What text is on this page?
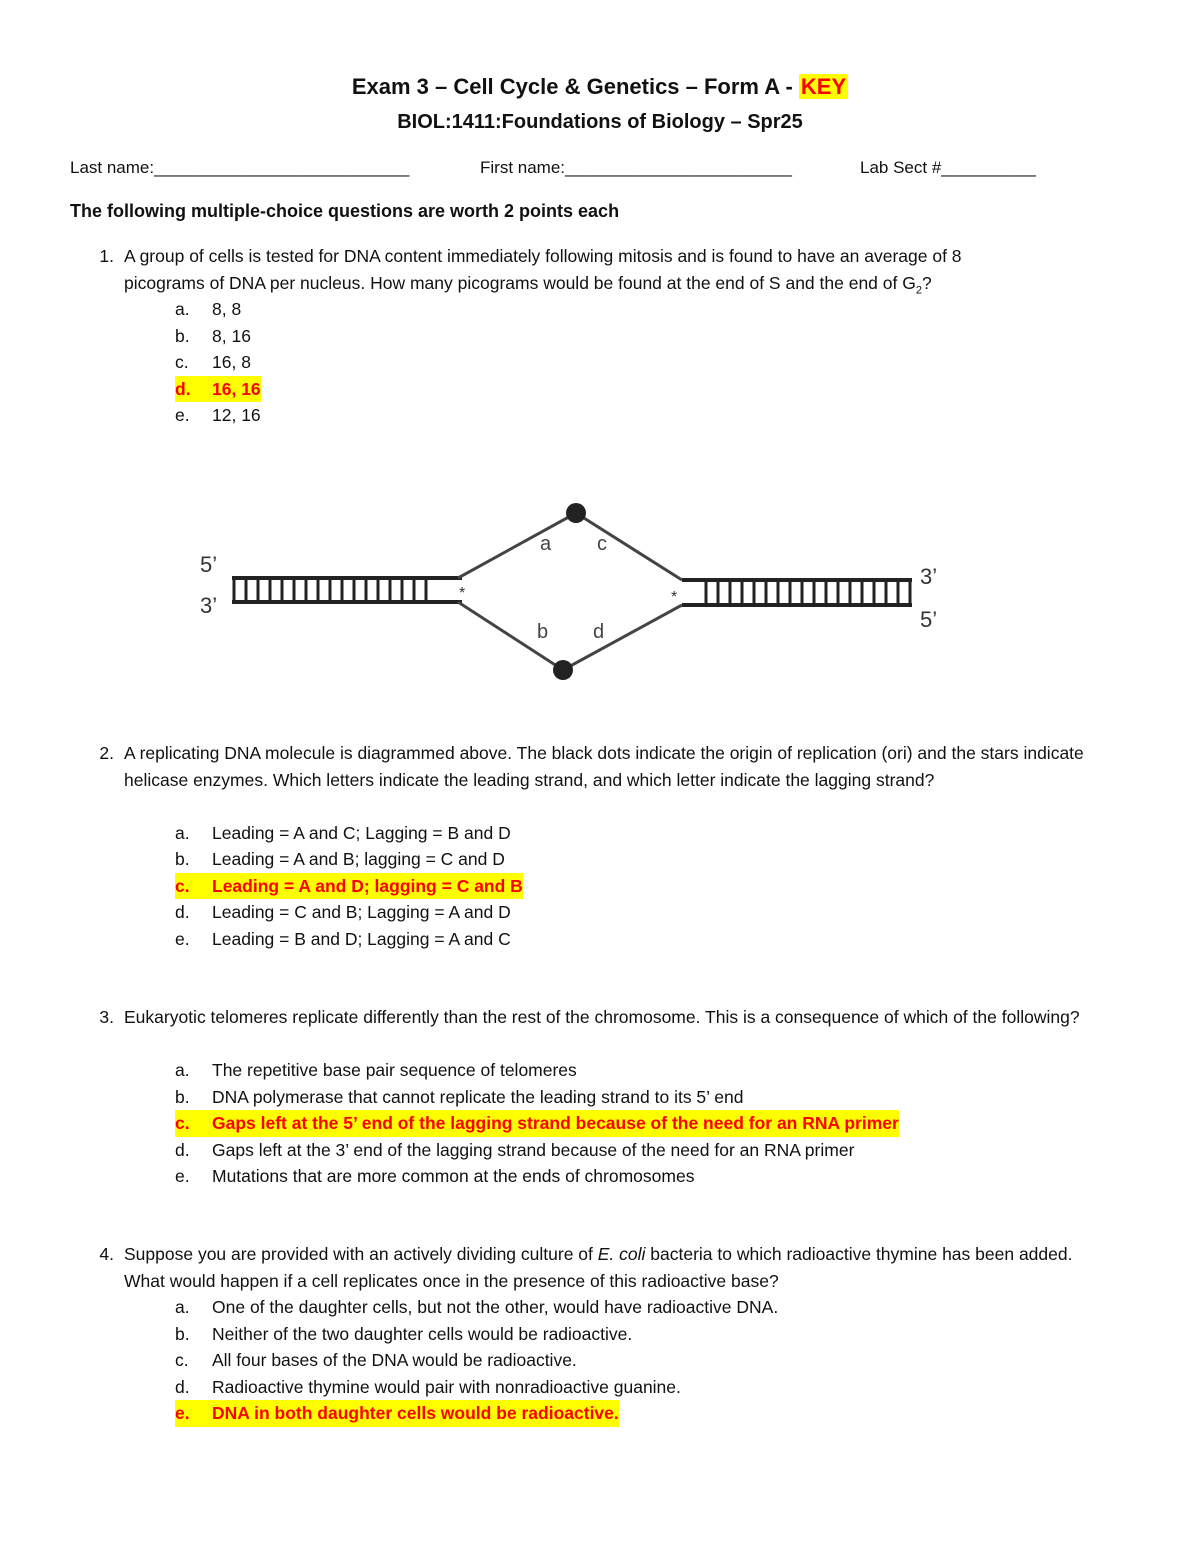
Exam 3 – Cell Cycle & Genetics – Form A - KEY
BIOL:1411:Foundations of Biology – Spr25
Last name:___________________________	First name:________________________	Lab Sect #__________
The following multiple-choice questions are worth 2 points each
1. A group of cells is tested for DNA content immediately following mitosis and is found to have an average of 8
picograms of DNA per nucleus. How many picograms would be found at the end of S and the end of $G_2$?
a. 8, 8
b. 8, 16
c. 16, 8
d.	16, 16
e. 12, 16
5’
3’
3’
5’
a c
b d
*	*
2. A replicating DNA molecule is diagrammed above. The black dots indicate the origin of replication (ori) and the stars indicate helicase enzymes. Which letters indicate the leading strand, and which letter indicate the lagging strand?
a. Leading = A and C; Lagging = B and D
b. Leading = A and B; lagging = C and D
c.	Leading = A and D; lagging = C and B
d. Leading = C and B; Lagging = A and D
e. Leading = B and D; Lagging = A and C
3. Eukaryotic telomeres replicate differently than the rest of the chromosome. This is a consequence of which of the following?
a. The repetitive base pair sequence of telomeres
b. DNA polymerase that cannot replicate the leading strand to its 5’ end
c.	Gaps left at the 5’ end of the lagging strand because of the need for an RNA primer
d. Gaps left at the 3’ end of the lagging strand because of the need for an RNA primer
e. Mutations that are more common at the ends of chromosomes
4. Suppose you are provided with an actively dividing culture of E. coli bacteria to which radioactive thymine has been added. What would happen if a cell replicates once in the presence of this radioactive base?
a. One of the daughter cells, but not the other, would have radioactive DNA.
b. Neither of the two daughter cells would be radioactive.
c. All four bases of the DNA would be radioactive.
d. Radioactive thymine would pair with nonradioactive guanine.
e.	DNA in both daughter cells would be radioactive.
